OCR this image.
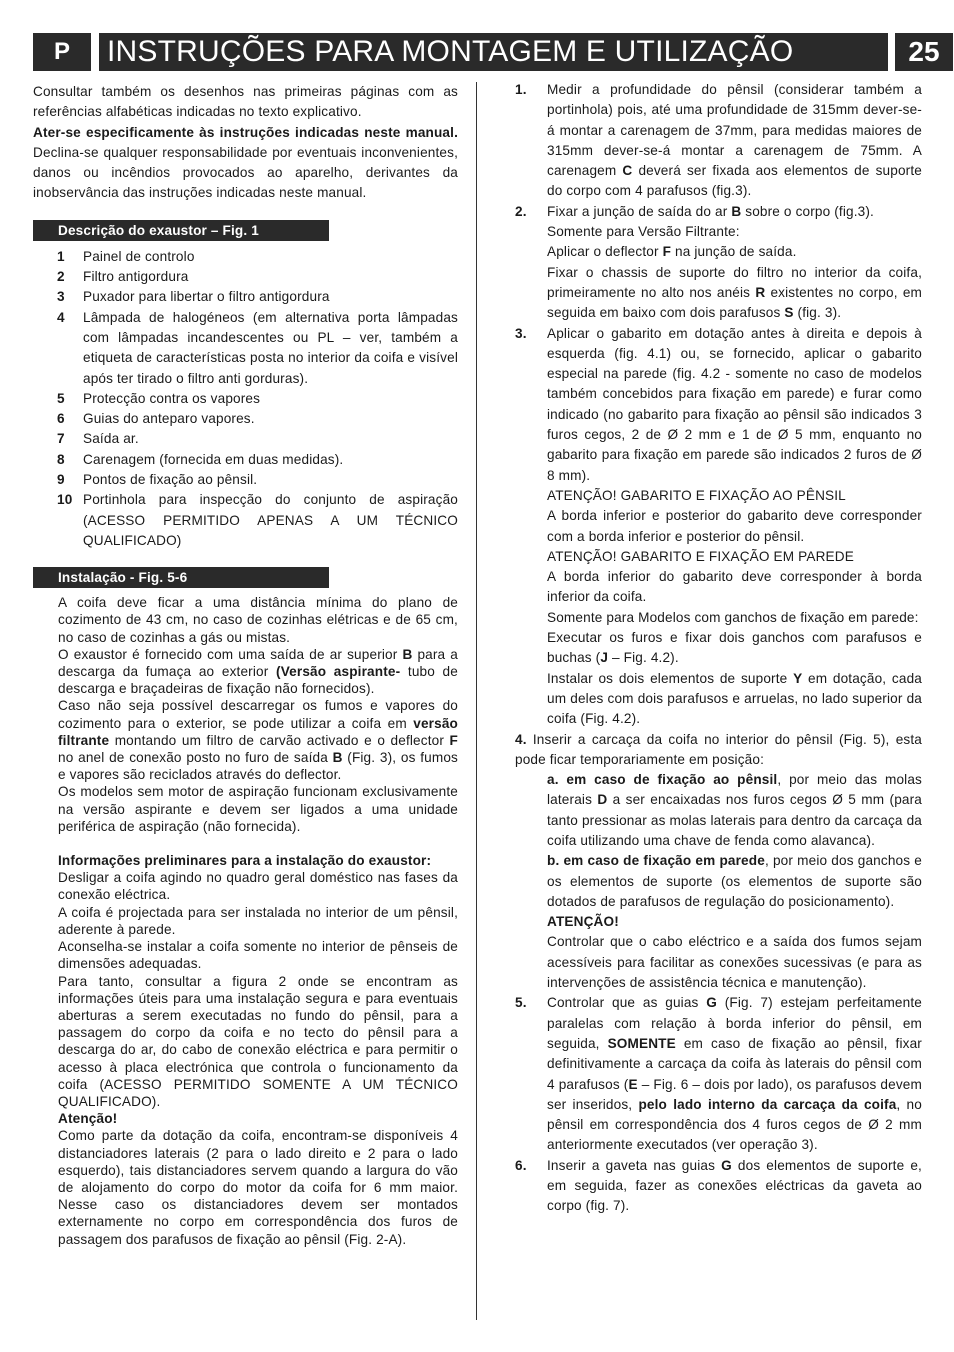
P	INSTRUÇÕES PARA MONTAGEM E UTILIZAÇÃO	25

Consultar também os desenhos nas primeiras páginas com as referências alfabéticas indicadas no texto explicativo.

Ater-se especificamente às instruções indicadas neste manual. Declina-se qualquer responsabilidade por eventuais inconvenientes, danos ou incêndios provocados ao aparelho, derivantes da inobservância das instruções indicadas neste manual.

Descrição do exaustor – Fig. 1
1	Painel de controlo
2	Filtro antigordura
3	Puxador para libertar o filtro antigordura
4	Lâmpada de halogéneos (em alternativa porta lâmpadas com lâmpadas incandescentes ou PL – ver, também a etiqueta de características posta no interior da coifa e visível após ter tirado o filtro anti gorduras).
5	Protecção contra os vapores
6	Guias do anteparo vapores.
7	Saída ar.
8	Carenagem (fornecida em duas medidas).
9	Pontos de fixação ao pênsil.
10 Portinhola para inspecção do conjunto de aspiração (ACESSO PERMITIDO APENAS A UM TÉCNICO QUALIFICADO)
Instalação - Fig. 5-6

A coifa deve ficar a uma distância mínima do plano de cozimento de 43 cm, no caso de cozinhas elétricas e de 65 cm, no caso de cozinhas a gás ou mistas.

O exaustor é fornecido com uma saída de ar superior B para a descarga da fumaça ao exterior (Versão aspirante- tubo de descarga e braçadeiras de fixação não fornecidos).

Caso não seja possível descarregar os fumos e vapores do cozimento para o exterior, se pode utilizar a coifa em versão filtrante montando um filtro de carvão activado e o deflector F no anel de conexão posto no furo de saída B (Fig. 3), os fumos e vapores são reciclados através do deflector.

Os modelos sem motor de aspiração funcionam exclusivamente na versão aspirante e devem ser ligados a uma unidade periférica de aspiração (não fornecida).

Informações preliminares para a instalação do exaustor:

Desligar a coifa agindo no quadro geral doméstico nas fases da conexão eléctrica.

A coifa é projectada para ser instalada no interior de um pênsil, aderente à parede.

Aconselha-se instalar a coifa somente no interior de pênseis de dimensões adequadas.

Para tanto, consultar a figura 2 onde se encontram as informações úteis para uma instalação segura e para eventuais aberturas a serem executadas no fundo do pênsil, para a passagem do corpo da coifa e no tecto do pênsil para a descarga do ar, do cabo de conexão eléctrica e para permitir o acesso à placa electrónica que controla o funcionamento da coifa (ACESSO PERMITIDO SOMENTE A UM TÉCNICO QUALIFICADO).

Atenção!

Como parte da dotação da coifa, encontram-se disponíveis 4 distanciadores laterais (2 para o lado direito e 2 para o lado esquerdo), tais distanciadores servem quando a largura do vão de alojamento do corpo do motor da coifa for 6 mm maior. Nesse caso os distanciadores devem ser montados externamente no corpo em correspondência dos furos de passagem dos parafusos de fixação ao pênsil (Fig. 2-A).

1.	Medir a profundidade do pênsil (considerar também a portinhola) pois, até uma profundidade de 315mm dever-se-á montar a carenagem de 37mm, para medidas maiores de 315mm dever-se-á montar a carenagem de 75mm. A carenagem C deverá ser fixada aos elementos de suporte do corpo com 4 parafusos (fig.3).

2.	Fixar a junção de saída do ar B sobre o corpo (fig.3).

Somente para Versão Filtrante:

Aplicar o deflector F na junção de saída.

Fixar o chassis de suporte do filtro no interior da coifa, primeiramente no alto nos anéis R existentes no corpo, em seguida em baixo com dois parafusos S (fig. 3).

3.	Aplicar o gabarito em dotação antes à direita e depois à esquerda (fig. 4.1) ou, se fornecido, aplicar o gabarito especial na parede (fig. 4.2 - somente no caso de modelos também concebidos para fixação em parede) e furar como indicado (no gabarito para fixação ao pênsil são indicados 3 furos cegos, 2 de Ø 2 mm e 1 de Ø 5 mm, enquanto no gabarito para fixação em parede são indicados 2 furos de Ø 8 mm).

ATENÇÃO! GABARITO E FIXAÇÃO AO PÊNSIL

A borda inferior e posterior do gabarito deve corresponder com a borda inferior e posterior do pênsil.

ATENÇÃO! GABARITO E FIXAÇÃO EM PAREDE

A borda inferior do gabarito deve corresponder à borda inferior da coifa.

Somente para Modelos com ganchos de fixação em parede:

Executar os furos e fixar dois ganchos com parafusos e buchas (J – Fig. 4.2).

Instalar os dois elementos de suporte Y em dotação, cada um deles com dois parafusos e arruelas, no lado superior da coifa (Fig. 4.2).

4. Inserir a carcaça da coifa no interior do pênsil (Fig. 5), esta pode ficar temporariamente em posição:

a. em caso de fixação ao pênsil, por meio das molas laterais D a ser encaixadas nos furos cegos Ø 5 mm (para tanto pressionar as molas laterais para dentro da carcaça da coifa utilizando uma chave de fenda como alavanca).

b. em caso de fixação em parede, por meio dos ganchos e os elementos de suporte (os elementos de suporte são dotados de parafusos de regulação do posicionamento).

ATENÇÃO!

Controlar que o cabo eléctrico e a saída dos fumos sejam acessíveis para facilitar as conexões sucessivas (e para as intervenções de assistência técnica e manutenção).

5.	Controlar que as guias G (Fig. 7) estejam perfeitamente paralelas com relação à borda inferior do pênsil, em seguida, SOMENTE em caso de fixação ao pênsil, fixar definitivamente a carcaça da coifa às laterais do pênsil com 4 parafusos (E – Fig. 6 – dois por lado), os parafusos devem ser inseridos, pelo lado interno da carcaça da coifa, no pênsil em correspondência dos 4 furos cegos de Ø 2 mm anteriormente executados (ver operação 3).

6.	Inserir a gaveta nas guias G dos elementos de suporte e, em seguida, fazer as conexões eléctricas da gaveta ao corpo (fig. 7).
